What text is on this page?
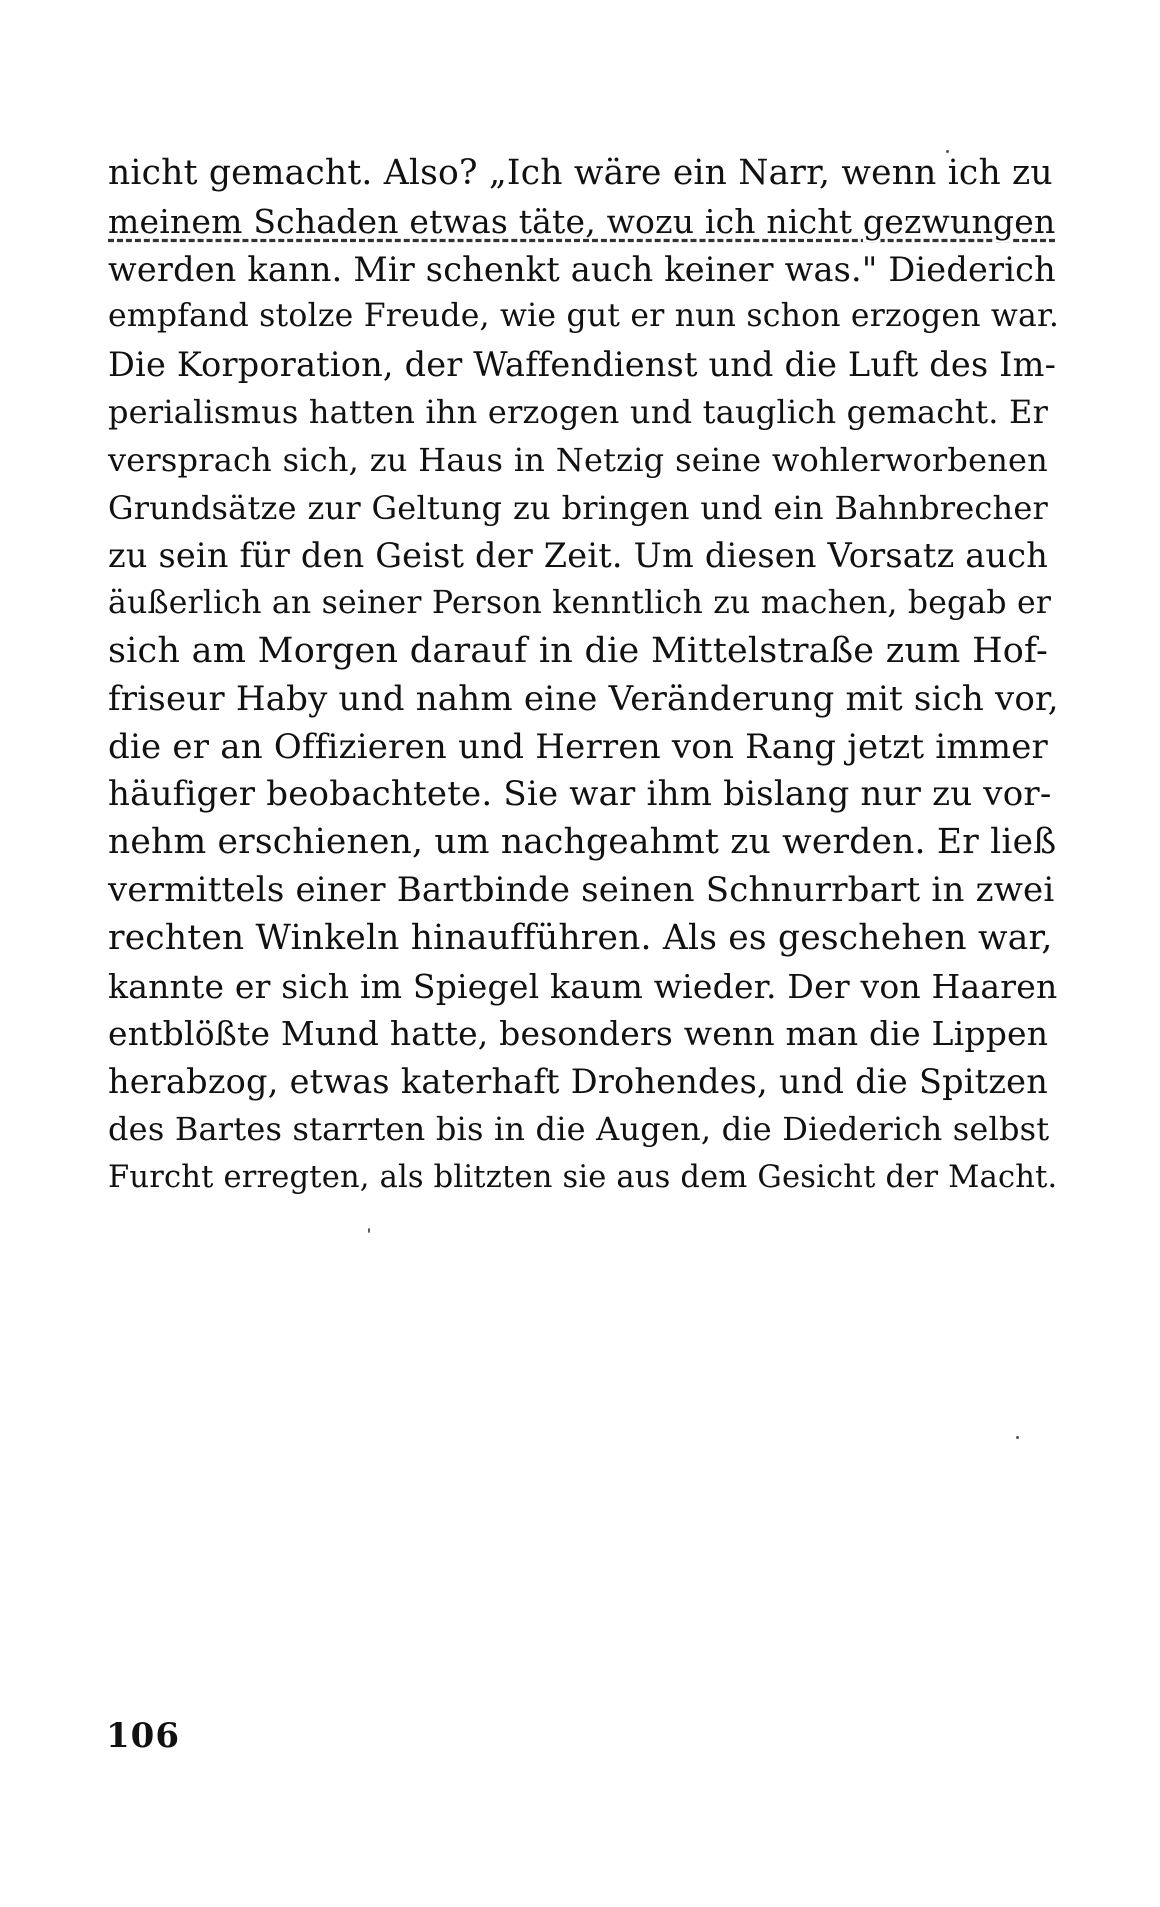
nicht gemacht. Also? „Ich wäre ein Narr, wenn ich zu
meinem Schaden etwas täte, wozu ich nicht gezwungen
werden kann. Mir schenkt auch keiner was." Diederich
empfand stolze Freude, wie gut er nun schon erzogen war.
Die Korporation, der Waffendienst und die Luft des Im-
perialismus hatten ihn erzogen und tauglich gemacht. Er
versprach sich, zu Haus in Netzig seine wohlerworbenen
Grundsätze zur Geltung zu bringen und ein Bahnbrecher
zu sein für den Geist der Zeit. Um diesen Vorsatz auch
äußerlich an seiner Person kenntlich zu machen, begab er
sich am Morgen darauf in die Mittelstraße zum Hof-
friseur Haby und nahm eine Veränderung mit sich vor,
die er an Offizieren und Herren von Rang jetzt immer
häufiger beobachtete. Sie war ihm bislang nur zu vor-
nehm erschienen, um nachgeahmt zu werden. Er ließ
vermittels einer Bartbinde seinen Schnurrbart in zwei
rechten Winkeln hinaufführen. Als es geschehen war,
kannte er sich im Spiegel kaum wieder. Der von Haaren
entblößte Mund hatte, besonders wenn man die Lippen
herabzog, etwas katerhaft Drohendes, und die Spitzen
des Bartes starrten bis in die Augen, die Diederich selbst
Furcht erregten, als blitzten sie aus dem Gesicht der Macht.
106
